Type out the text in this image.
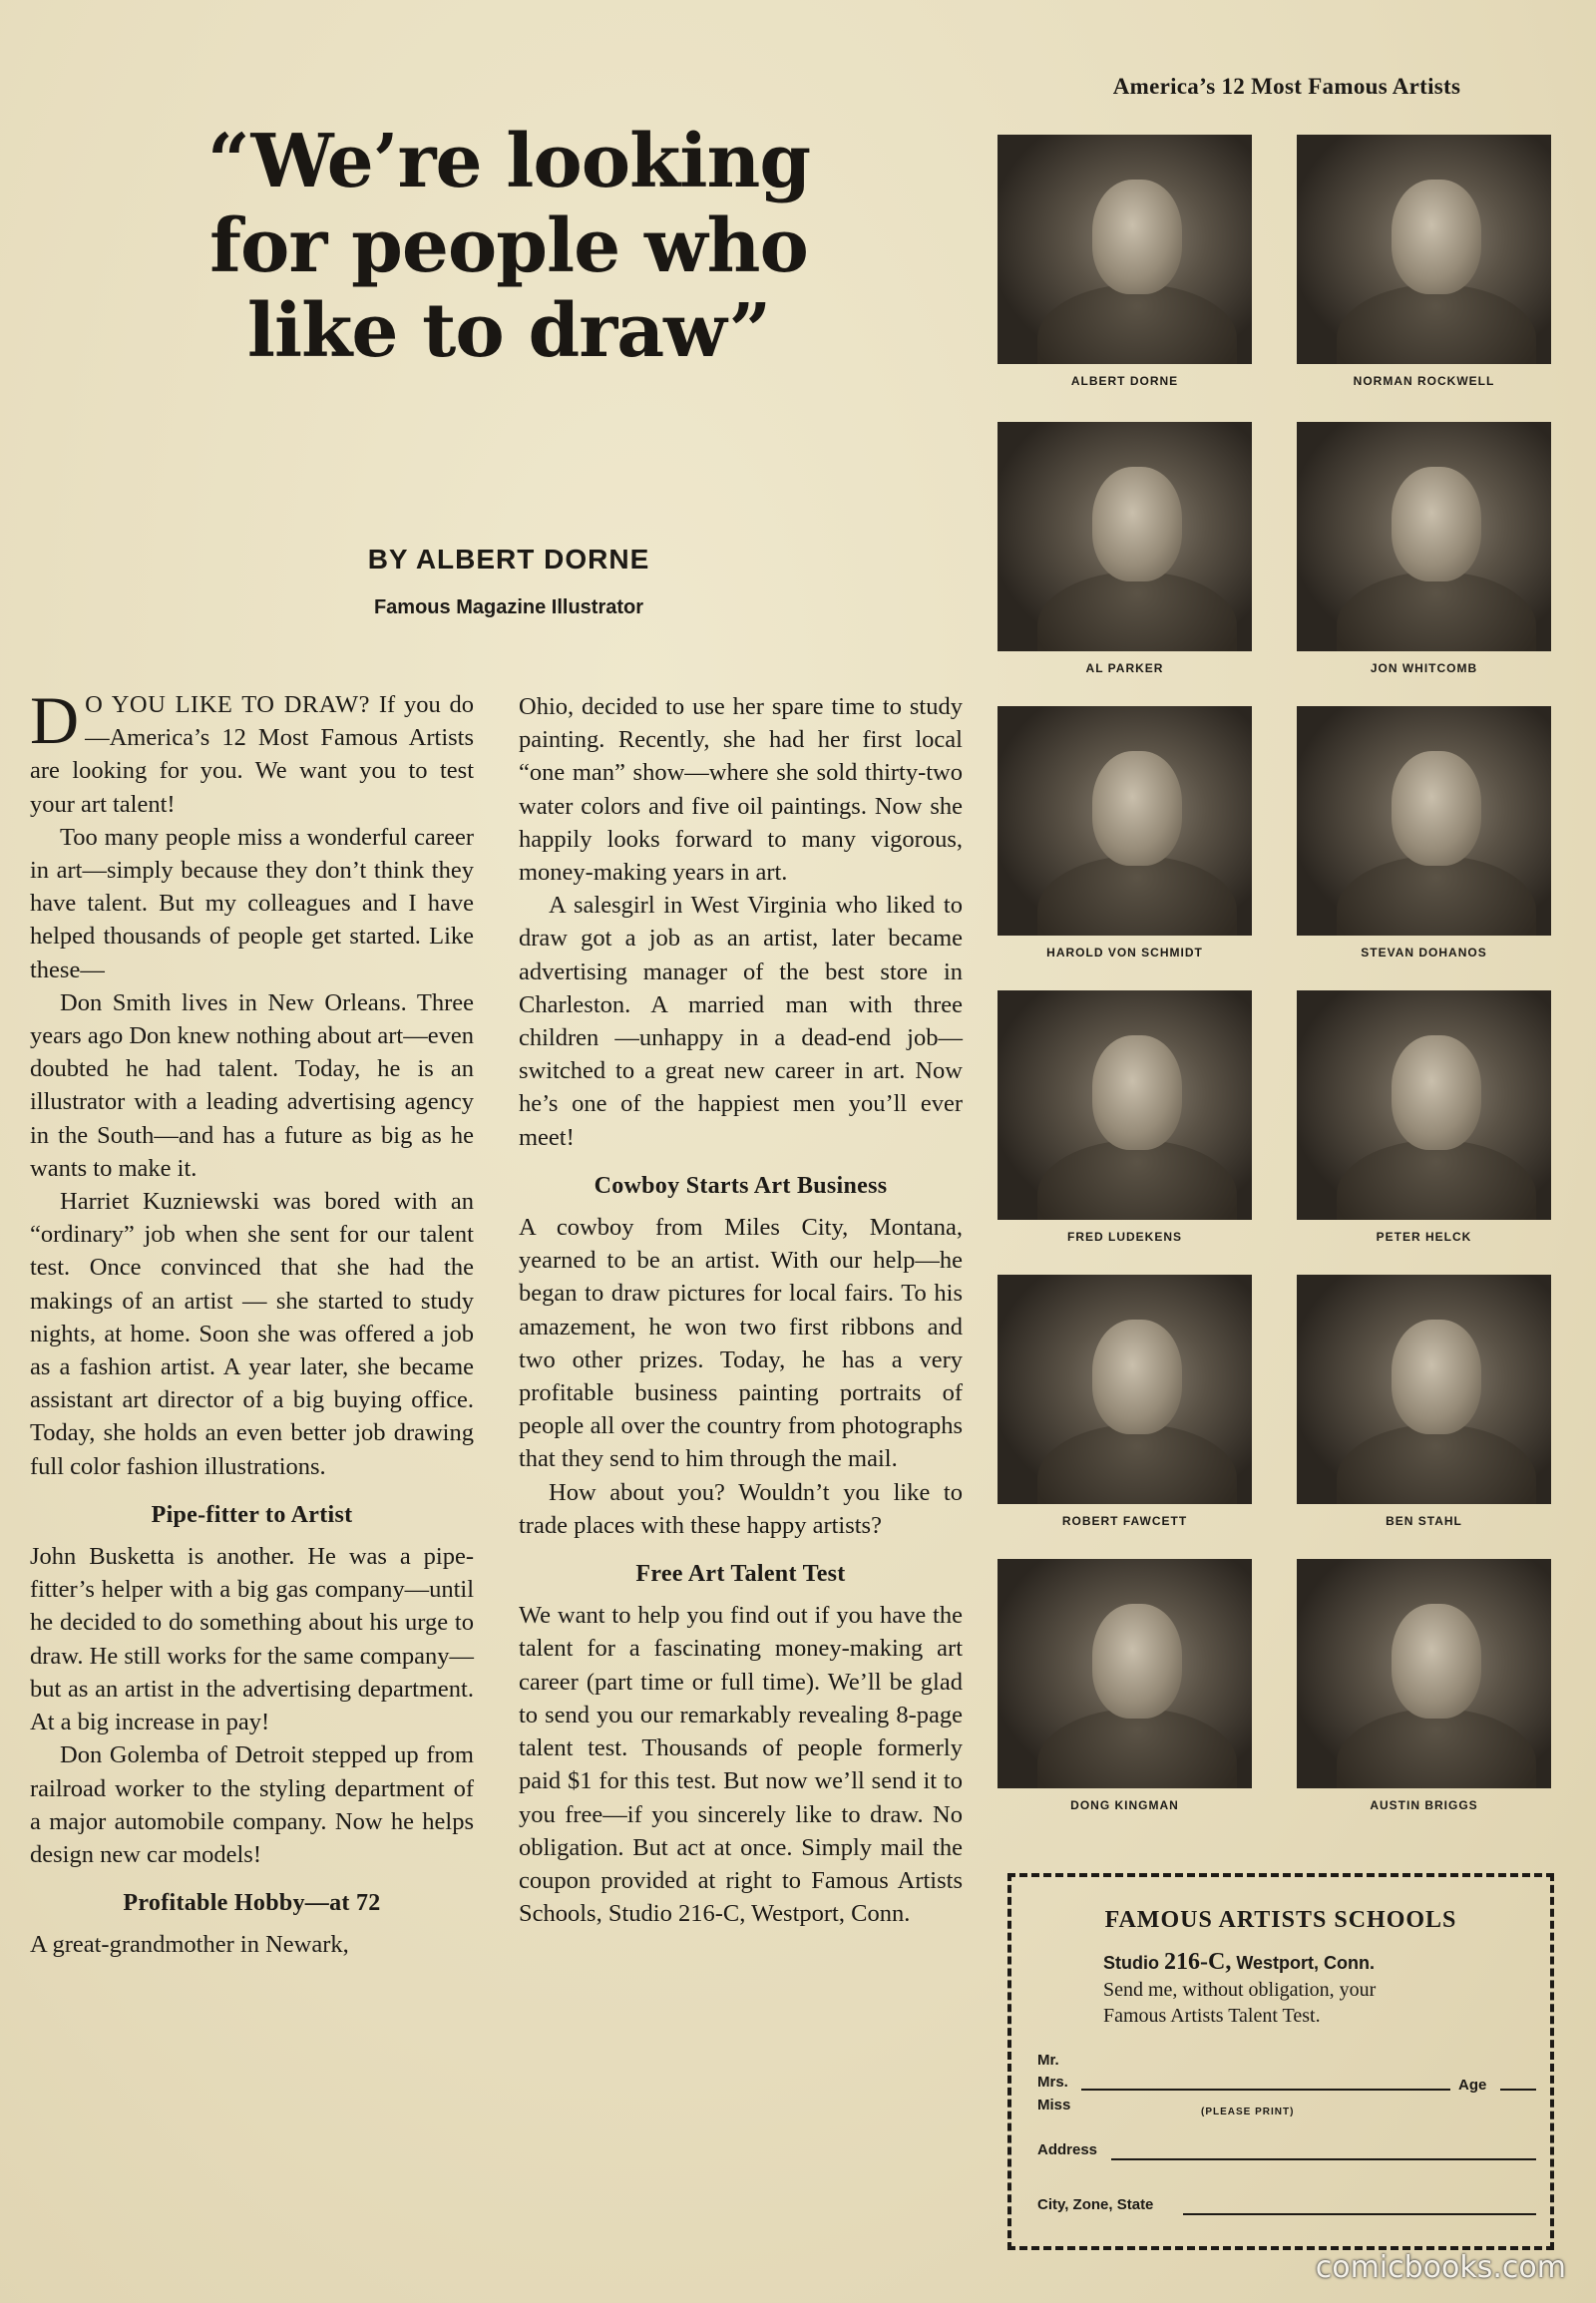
“We’re looking
for people who
like to draw”
BY ALBERT DORNE
Famous Magazine Illustrator

D O YOU LIKE TO DRAW? If you do —America’s 12 Most Famous Artists are looking for you. We want you to test your art talent!

Too many people miss a wonderful career in art—simply because they don’t think they have talent. But my colleagues and I have helped thousands of people get started. Like these—

Don Smith lives in New Orleans. Three years ago Don knew nothing about art—even doubted he had talent. Today, he is an illustrator with a leading advertising agency in the South—and has a future as big as he wants to make it.

Harriet Kuzniewski was bored with an “ordinary” job when she sent for our talent test. Once convinced that she had the makings of an artist — she started to study nights, at home. Soon she was offered a job as a fashion artist. A year later, she became assistant art director of a big buying office. Today, she holds an even better job drawing full color fashion illustrations.

Pipe-fitter to Artist

John Busketta is another. He was a pipe-fitter’s helper with a big gas company—until he decided to do something about his urge to draw. He still works for the same company—but as an artist in the advertising department. At a big increase in pay!

Don Golemba of Detroit stepped up from railroad worker to the styling department of a major automobile company. Now he helps design new car models!

Profitable Hobby—at 72

A great-grandmother in Newark,

Ohio, decided to use her spare time to study painting. Recently, she had her first local “one man” show—where she sold thirty-two water colors and five oil paintings. Now she happily looks forward to many vigorous, money-making years in art.

A salesgirl in West Virginia who liked to draw got a job as an artist, later became advertising manager of the best store in Charleston. A married man with three children —unhappy in a dead-end job— switched to a great new career in art. Now he’s one of the happiest men you’ll ever meet!

Cowboy Starts Art Business

A cowboy from Miles City, Montana, yearned to be an artist. With our help—he began to draw pictures for local fairs. To his amazement, he won two first ribbons and two other prizes. Today, he has a very profitable business painting portraits of people all over the country from photographs that they send to him through the mail.

How about you? Wouldn’t you like to trade places with these happy artists?

Free Art Talent Test

We want to help you find out if you have the talent for a fascinating money-making art career (part time or full time). We’ll be glad to send you our remarkably revealing 8-page talent test. Thousands of people formerly paid $1 for this test. But now we’ll send it to you free—if you sincerely like to draw. No obligation. But act at once. Simply mail the coupon provided at right to Famous Artists Schools, Studio 216-C, Westport, Conn.

America’s 12 Most Famous Artists
ALBERT DORNE	NORMAN ROCKWELL
AL PARKER	JON WHITCOMB
HAROLD VON SCHMIDT	STEVAN DOHANOS
FRED LUDEKENS	PETER HELCK
ROBERT FAWCETT	BEN STAHL
DONG KINGMAN	AUSTIN BRIGGS
FAMOUS ARTISTS SCHOOLS
Studio 216-C, Westport, Conn.
Send me, without obligation, your
Famous Artists Talent Test.
Mr.
Mrs.	Age
Miss	(PLEASE PRINT)
Address
City, Zone, State
comicbooks.com
